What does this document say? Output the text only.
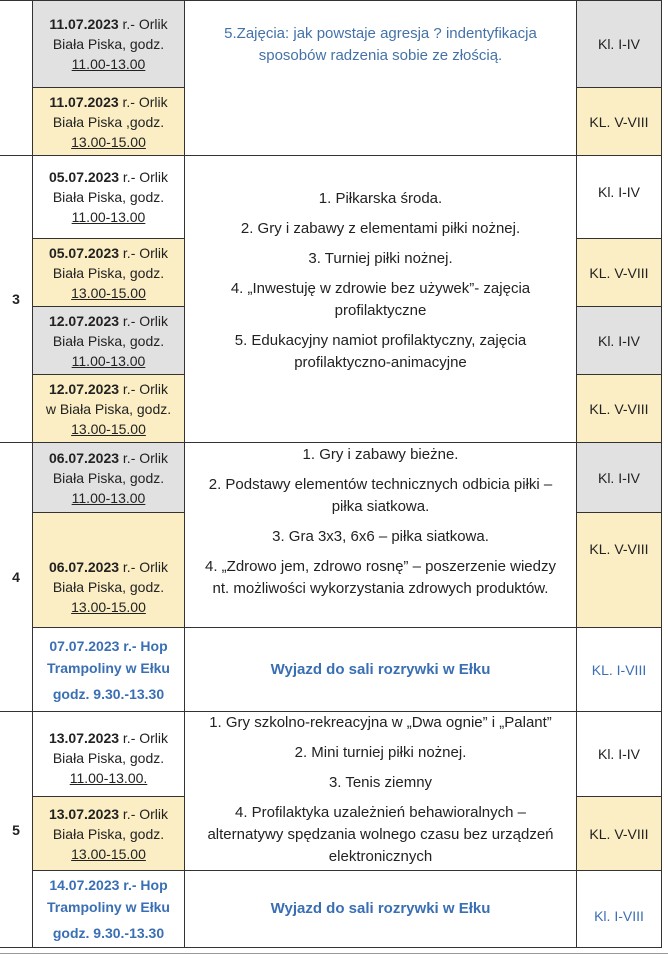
11.07.2023 r.- Orlik
Biała Piska, godz.
11.00-13.00
11.07.2023 r.- Orlik
Biała Piska ,godz.
13.00-15.00

5.Zajęcia: jak powstaje agresja ? indentyfikacja sposobów radzenia sobie ze złością.

Kl. I-IV
KL. V-VIII
3
05.07.2023 r.- Orlik
Biała Piska, godz.
11.00-13.00
05.07.2023 r.- Orlik
Biała Piska, godz.
13.00-15.00
12.07.2023 r.- Orlik
Biała Piska, godz.
11.00-13.00
12.07.2023 r.- Orlik
w Biała Piska, godz.
13.00-15.00

1. Piłkarska środa.

2. Gry i zabawy z elementami piłki nożnej.

3. Turniej piłki nożnej.

4. „Inwestuję w zdrowie bez używek”- zajęcia profilaktyczne

5. Edukacyjny namiot profilaktyczny, zajęcia profilaktyczno-animacyjne

Kl. I-IV
KL. V-VIII
Kl. I-IV
KL. V-VIII
4
06.07.2023 r.- Orlik
Biała Piska, godz.
11.00-13.00
06.07.2023 r.- Orlik
Biała Piska, godz.
13.00-15.00
07.07.2023 r.- Hop
Trampoliny w Ełku
godz. 9.30.-13.30

1. Gry i zabawy bieżne.

2. Podstawy elementów technicznych odbicia piłki – piłka siatkowa.

3. Gra 3x3, 6x6 – piłka siatkowa.

4. „Zdrowo jem, zdrowo rosnę” – poszerzenie wiedzy nt. możliwości wykorzystania zdrowych produktów.

Wyjazd do sali rozrywki w Ełku
Kl. I-IV
KL. V-VIII
KL. I-VIII
5
13.07.2023 r.- Orlik
Biała Piska, godz.
11.00-13.00.
13.07.2023 r.- Orlik
Biała Piska, godz.
13.00-15.00
14.07.2023 r.- Hop
Trampoliny w Ełku
godz. 9.30.-13.30

1. Gry szkolno-rekreacyjna w „Dwa ognie” i „Palant”

2. Mini turniej piłki nożnej.

3. Tenis ziemny

4. Profilaktyka uzależnień behawioralnych – alternatywy spędzania wolnego czasu bez urządzeń elektronicznych

Wyjazd do sali rozrywki w Ełku
Kl. I-IV
KL. V-VIII
Kl. I-VIII
